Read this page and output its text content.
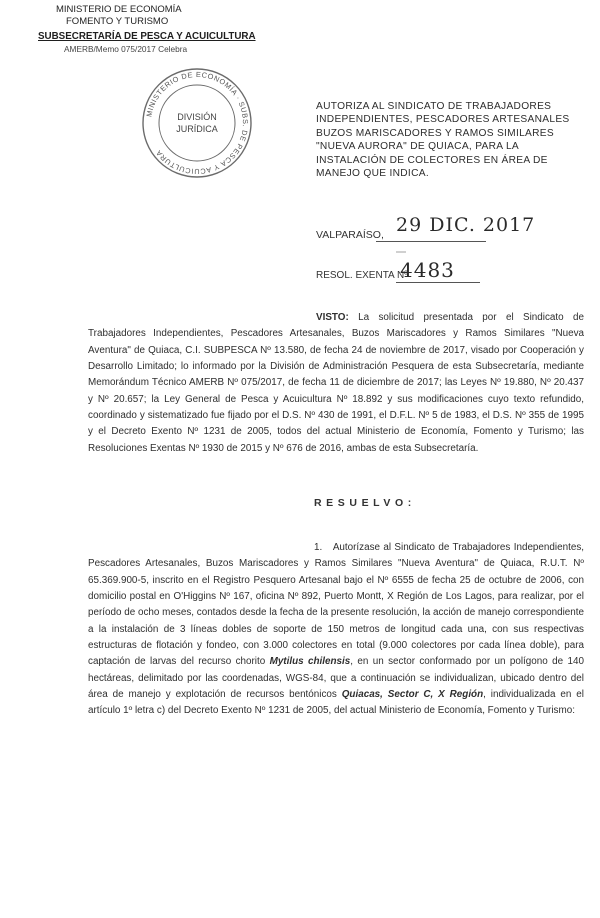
MINISTERIO DE ECONOMÍA
FOMENTO Y TURISMO
SUBSECRETARÍA DE PESCA Y ACUICULTURA
AMERB/Memo 075/2017 Celebra
MINISTERIO DE ECONOMÍA · SUBS. DE PESCA Y ACUICULTURA
DIVISIÓN
JURÍDICA
AUTORIZA AL SINDICATO DE TRABAJADORES INDEPENDIENTES, PESCADORES ARTESANALES BUZOS MARISCADORES Y RAMOS SIMILARES "NUEVA AURORA" DE QUIACA, PARA LA INSTALACIÓN DE COLECTORES EN ÁREA DE MANEJO QUE INDICA.
VALPARAÍSO, 29 DIC. 2017
RESOL. EXENTA Nº
4483
VISTO: La solicitud presentada por el Sindicato de Trabajadores Independientes, Pescadores Artesanales, Buzos Mariscadores y Ramos Similares "Nueva Aventura" de Quiaca, C.I. SUBPESCA Nº 13.580, de fecha 24 de noviembre de 2017, visado por Cooperación y Desarrollo Limitado; lo informado por la División de Administración Pesquera de esta Subsecretaría, mediante Memorándum Técnico AMERB Nº 075/2017, de fecha 11 de diciembre de 2017; las Leyes Nº 19.880, Nº 20.437 y Nº 20.657; la Ley General de Pesca y Acuicultura Nº 18.892 y sus modificaciones cuyo texto refundido, coordinado y sistematizado fue fijado por el D.S. Nº 430 de 1991, el D.F.L. Nº 5 de 1983, el D.S. Nº 355 de 1995 y el Decreto Exento Nº 1231 de 2005, todos del actual Ministerio de Economía, Fomento y Turismo; las Resoluciones Exentas Nº 1930 de 2015 y Nº 676 de 2016, ambas de esta Subsecretaría.
RESUELVO:
1. Autorízase al Sindicato de Trabajadores Independientes, Pescadores Artesanales, Buzos Mariscadores y Ramos Similares "Nueva Aventura" de Quiaca, R.U.T. Nº 65.369.900-5, inscrito en el Registro Pesquero Artesanal bajo el Nº 6555 de fecha 25 de octubre de 2006, con domicilio postal en O'Higgins Nº 167, oficina Nº 892, Puerto Montt, X Región de Los Lagos, para realizar, por el período de ocho meses, contados desde la fecha de la presente resolución, la acción de manejo correspondiente a la instalación de 3 líneas dobles de soporte de 150 metros de longitud cada una, con sus respectivas estructuras de flotación y fondeo, con 3.000 colectores en total (9.000 colectores por cada línea doble), para captación de larvas del recurso chorito Mytilus chilensis, en un sector conformado por un polígono de 140 hectáreas, delimitado por las coordenadas, WGS-84, que a continuación se individualizan, ubicado dentro del área de manejo y explotación de recursos bentónicos Quiacas, Sector C, X Región, individualizada en el artículo 1º letra c) del Decreto Exento Nº 1231 de 2005, del actual Ministerio de Economía, Fomento y Turismo:
